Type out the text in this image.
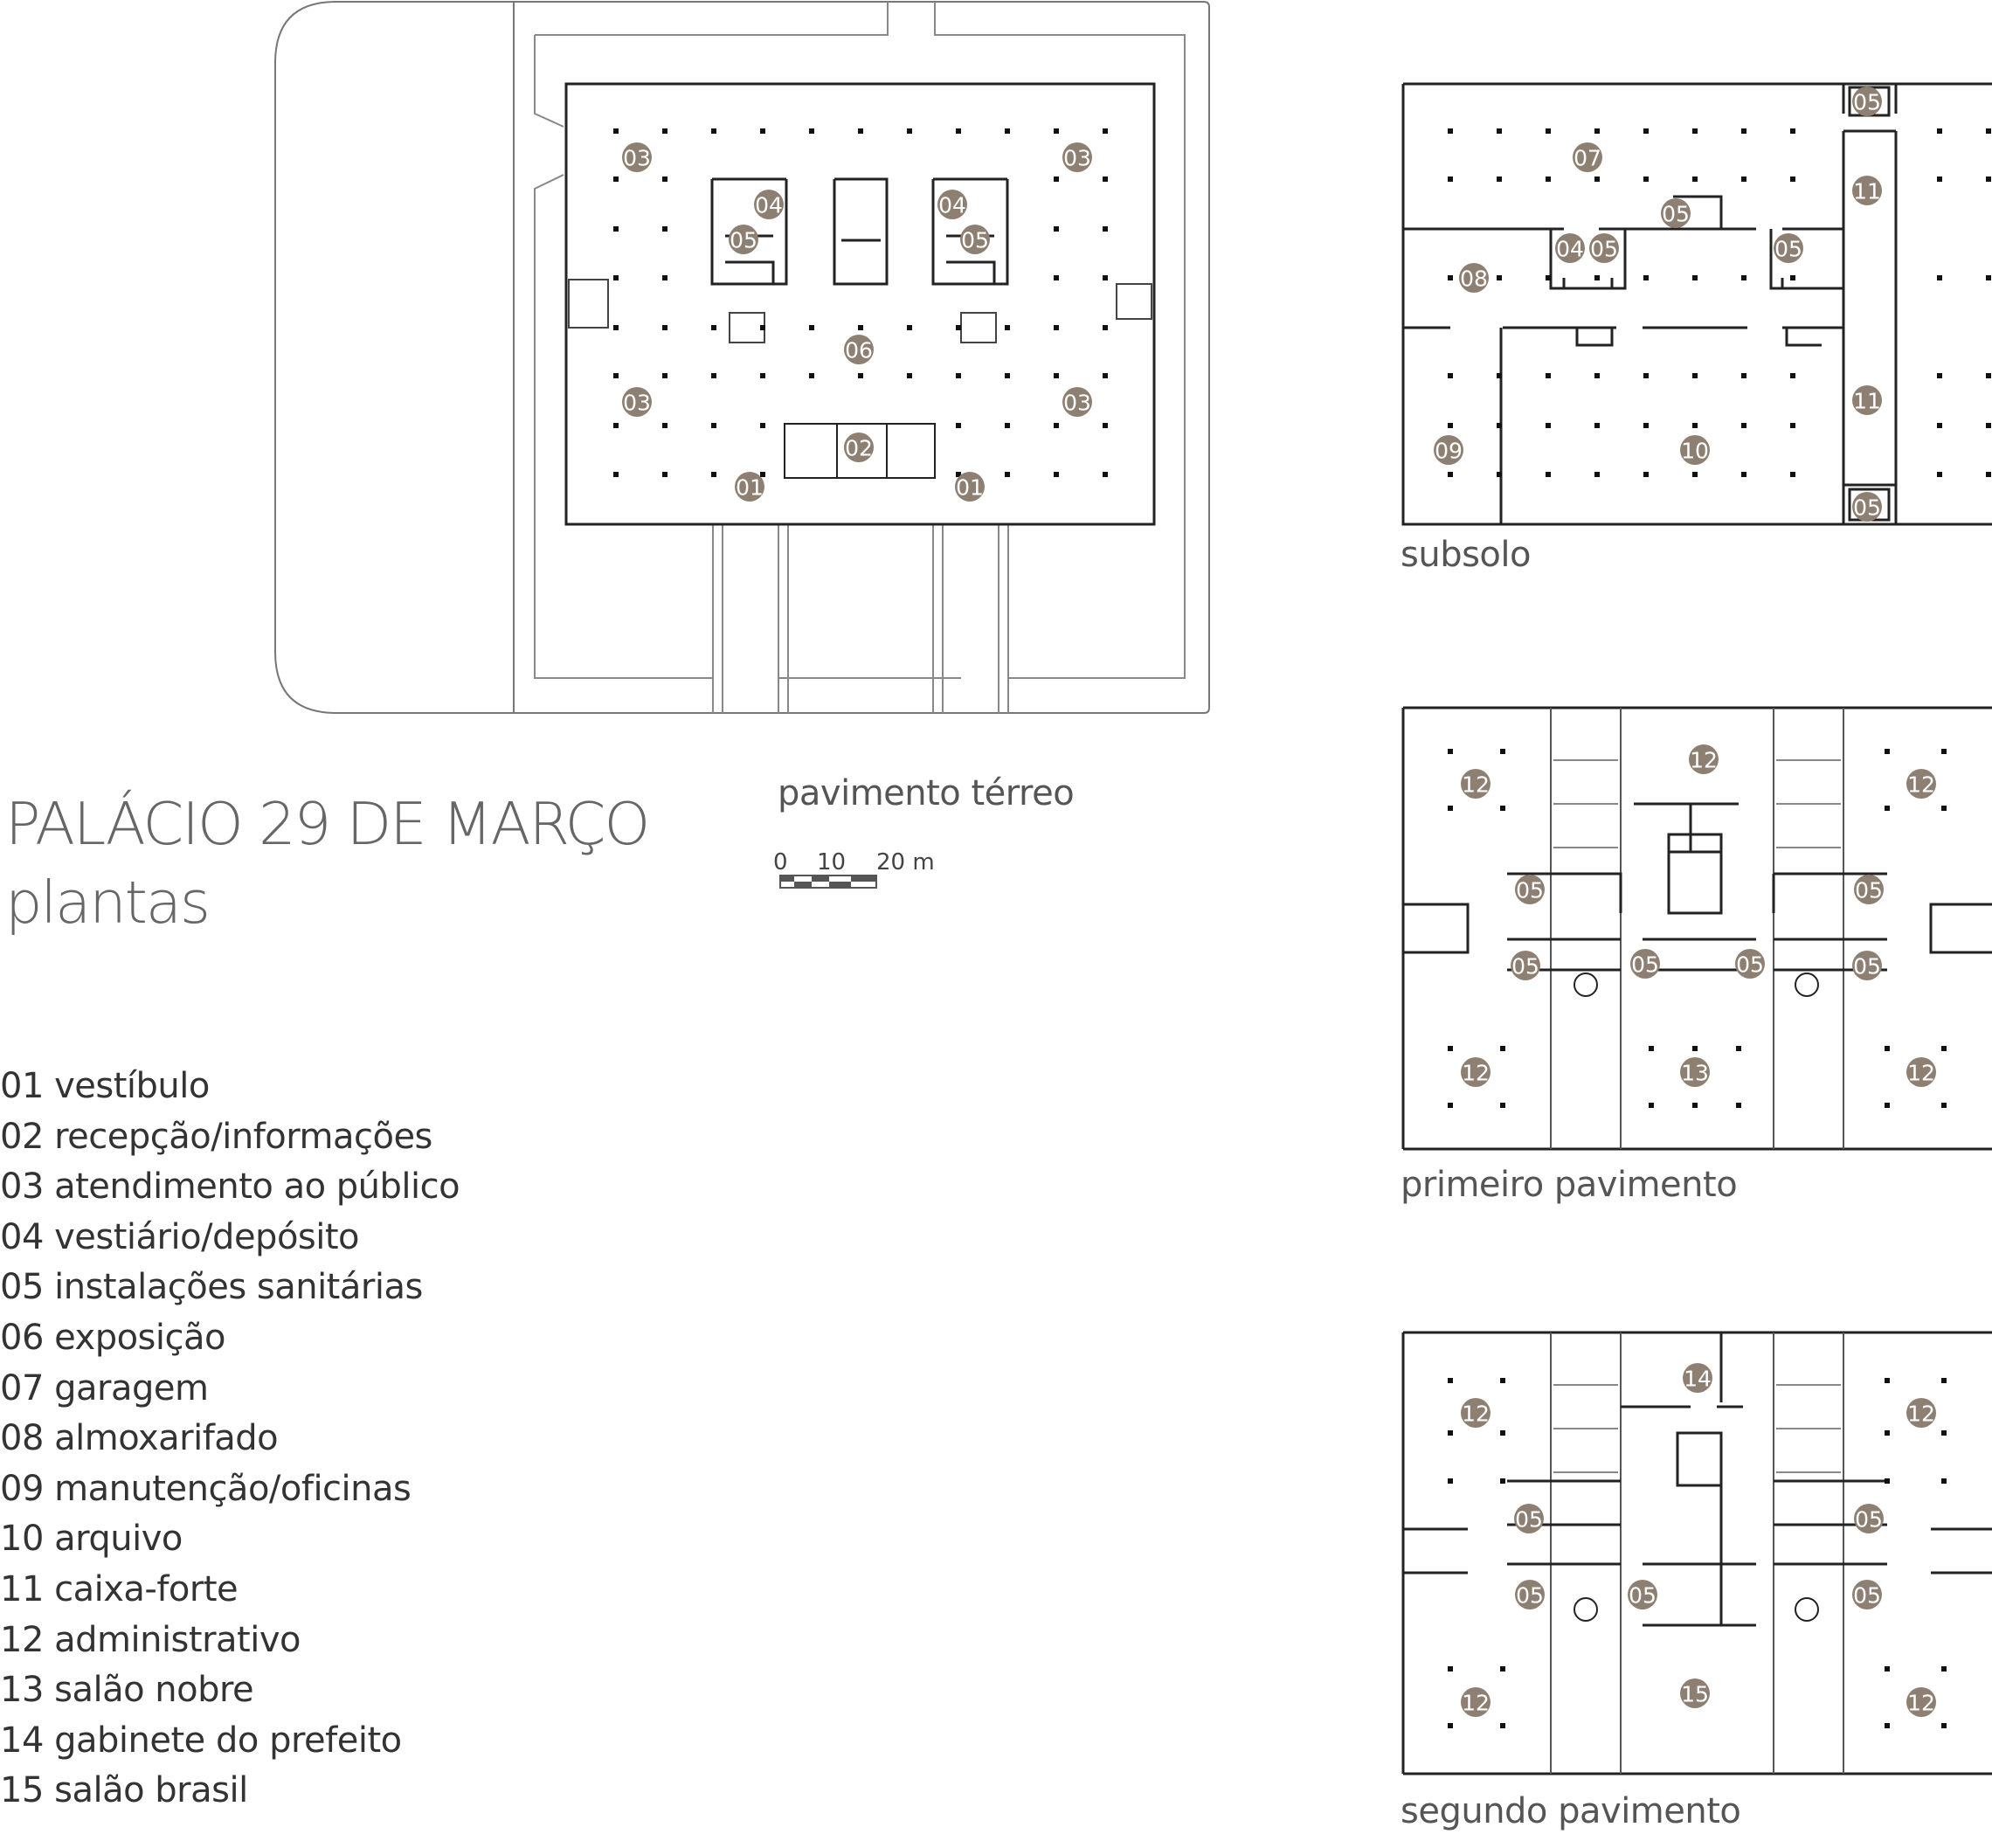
0 10 20 m
03	03
04	04
05	05
06
03	03
02
01	01
05
07
11
05
04 05	05
08
11
09	10
05
12
12	12
05	05
05	05	05	05
12	13	12
14
12	12
05	05
05	05	05
12	15	12
PALÁCIO 29 DE MARÇO
plantas
pavimento térreo
subsolo
primeiro pavimento
segundo pavimento
01 vestíbulo
02 recepção/informações
03 atendimento ao público
04 vestiário/depósito
05 instalações sanitárias
06 exposição
07 garagem
08 almoxarifado
09 manutenção/oficinas
10 arquivo
11 caixa-forte
12 administrativo
13 salão nobre
14 gabinete do prefeito
15 salão brasil
